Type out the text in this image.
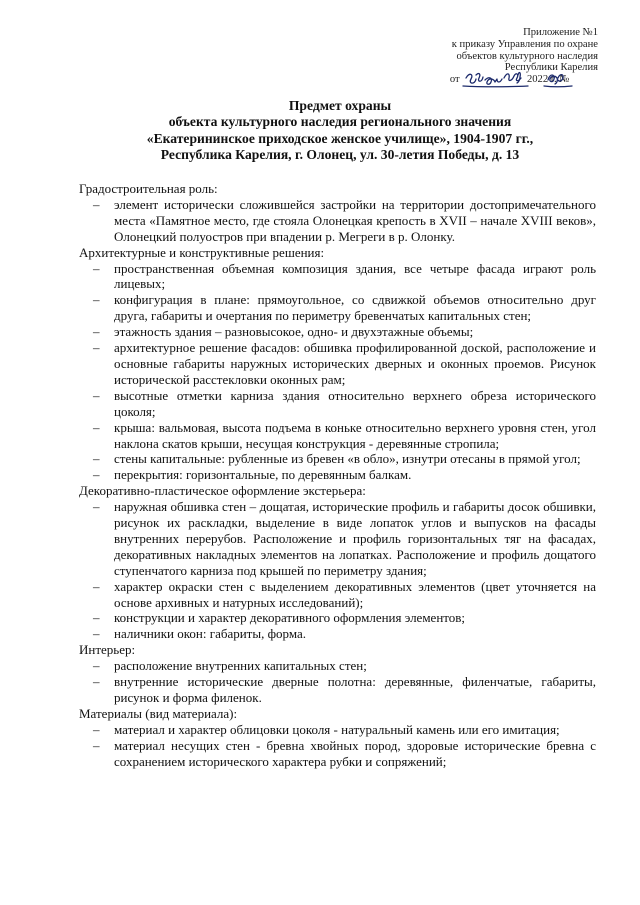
Приложение №1
к приказу Управления по охране
объектов культурного наследия
Республики Карелия
от	2022 г. №
Предмет охраны
объекта культурного наследия регионального значения
«Екатерининское приходское женское училище», 1904-1907 гг.,
Республика Карелия, г. Олонец, ул. 30-летия Победы, д. 13
Градостроительная роль:
– элемент исторически сложившейся застройки на территории достопримечательного места «Памятное место, где стояла Олонецкая крепость в XVII – начале XVIII веков», Олонецкий полуостров при впадении р. Мегреги в р. Олонку.
Архитектурные и конструктивные решения:
– пространственная объемная композиция здания, все четыре фасада играют роль лицевых;
– конфигурация в плане: прямоугольное, со сдвижкой объемов относительно друг друга, габариты и очертания по периметру бревенчатых капитальных стен;
– этажность здания – разновысокое, одно- и двухэтажные объемы;
– архитектурное решение фасадов: обшивка профилированной доской, расположение и основные габариты наружных исторических дверных и оконных проемов. Рисунок исторической расстекловки оконных рам;
– высотные отметки карниза здания относительно верхнего обреза исторического цоколя;
– крыша: вальмовая, высота подъема в коньке относительно верхнего уровня стен, угол наклона скатов крыши, несущая конструкция - деревянные стропила;
– стены капитальные: рубленные из бревен «в обло», изнутри отесаны в прямой угол;
– перекрытия: горизонтальные, по деревянным балкам.
Декоративно-пластическое оформление экстерьера:
– наружная обшивка стен – дощатая, исторические профиль и габариты досок обшивки, рисунок их раскладки, выделение в виде лопаток углов и выпусков на фасады внутренних перерубов. Расположение и профиль горизонтальных тяг на фасадах, декоративных накладных элементов на лопатках. Расположение и профиль дощатого ступенчатого карниза под крышей по периметру здания;
– характер окраски стен с выделением декоративных элементов (цвет уточняется на основе архивных и натурных исследований);
– конструкции и характер декоративного оформления элементов;
– наличники окон: габариты, форма.
Интерьер:
– расположение внутренних капитальных стен;
– внутренние исторические дверные полотна: деревянные, филенчатые, габариты, рисунок и форма филенок.
Материалы (вид материала):
– материал и характер облицовки цоколя - натуральный камень или его имитация;
– материал несущих стен - бревна хвойных пород, здоровые исторические бревна с сохранением исторического характера рубки и сопряжений;
